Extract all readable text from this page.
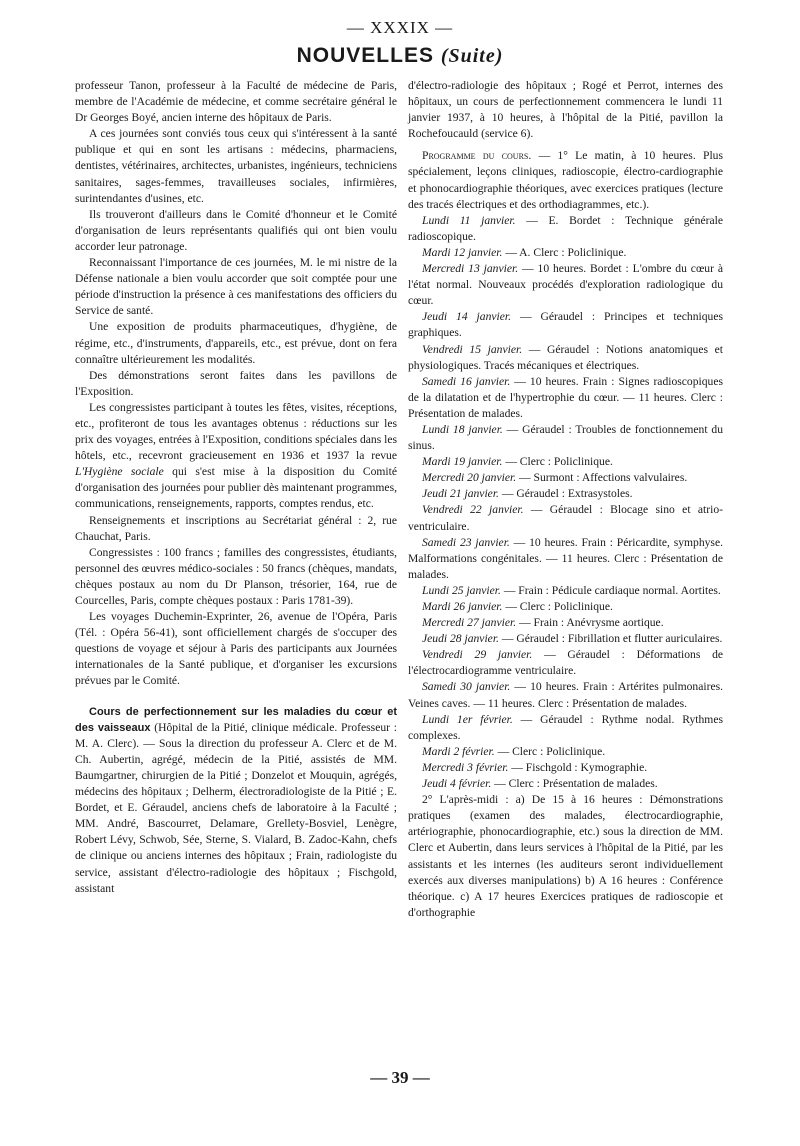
— XXXIX —
NOUVELLES (Suite)

professeur Tanon, professeur à la Faculté de médecine de Paris, membre de l'Académie de médecine, et comme secrétaire général le Dr Georges Boyé, ancien interne des hôpitaux de Paris.

A ces journées sont conviés tous ceux qui s'intéressent à la santé publique et qui en sont les artisans : médecins, pharmaciens, dentistes, vétérinaires, architectes, urbanistes, ingénieurs, techniciens sanitaires, sages-femmes, travailleuses sociales, infirmières, surintendantes d'usines, etc.

Ils trouveront d'ailleurs dans le Comité d'honneur et le Comité d'organisation de leurs représentants qualifiés qui ont bien voulu accorder leur patronage.

Reconnaissant l'importance de ces journées, M. le mi nistre de la Défense nationale a bien voulu accorder que soit comptée pour une période d'instruction la présence à ces manifestations des officiers du Service de santé.

Une exposition de produits pharmaceutiques, d'hygiène, de régime, etc., d'instruments, d'appareils, etc., est prévue, dont on fera connaître ultérieurement les modalités.

Des démonstrations seront faites dans les pavillons de l'Exposition.

Les congressistes participant à toutes les fêtes, visites, réceptions, etc., profiteront de tous les avantages obtenus : réductions sur les prix des voyages, entrées à l'Exposition, conditions spéciales dans les hôtels, etc., recevront gracieusement en 1936 et 1937 la revue L'Hygiène sociale qui s'est mise à la disposition du Comité d'organisation des journées pour publier dès maintenant programmes, communications, renseignements, rapports, comptes rendus, etc.

Renseignements et inscriptions au Secrétariat général : 2, rue Chauchat, Paris.

Congressistes : 100 francs ; familles des congressistes, étudiants, personnel des œuvres médico-sociales : 50 francs (chèques, mandats, chèques postaux au nom du Dr Planson, trésorier, 164, rue de Courcelles, Paris, compte chèques postaux : Paris 1781-39).

Les voyages Duchemin-Exprinter, 26, avenue de l'Opéra, Paris (Tél. : Opéra 56-41), sont officiellement chargés de s'occuper des questions de voyage et séjour à Paris des participants aux Journées internationales de la Santé publique, et d'organiser les excursions prévues par le Comité.

Cours de perfectionnement sur les maladies du cœur et des vaisseaux (Hôpital de la Pitié, clinique médicale. Professeur : M. A. Clerc). — Sous la direction du professeur A. Clerc et de M. Ch. Aubertin, agrégé, médecin de la Pitié, assistés de MM. Baumgartner, chirurgien de la Pitié ; Donzelot et Mouquin, agrégés, médecins des hôpitaux ; Delherm, électroradiologiste de la Pitié ; E. Bordet, et E. Géraudel, anciens chefs de laboratoire à la Faculté ; MM. André, Bascourret, Delamare, Grellety-Bosviel, Lenègre, Robert Lévy, Schwob, Sée, Sterne, S. Vialard, B. Zadoc-Kahn, chefs de clinique ou anciens internes des hôpitaux ; Frain, radiologiste du service, assistant d'électro-radiologie des hôpitaux ; Fischgold, assistant

d'électro-radiologie des hôpitaux ; Rogé et Perrot, internes des hôpitaux, un cours de perfectionnement commencera le lundi 11 janvier 1937, à 10 heures, à l'hôpital de la Pitié, pavillon la Rochefoucauld (service 6).

Programme du cours. — 1° Le matin, à 10 heures. Plus spécialement, leçons cliniques, radioscopie, électro-cardiographie et phonocardiographie théoriques, avec exercices pratiques (lecture des tracés électriques et des orthodiagrammes, etc.).

Lundi 11 janvier. — E. Bordet : Technique générale radioscopique.

Mardi 12 janvier. — A. Clerc : Policlinique.

Mercredi 13 janvier. — 10 heures. Bordet : L'ombre du cœur à l'état normal. Nouveaux procédés d'exploration radiologique du cœur.

Jeudi 14 janvier. — Géraudel : Principes et techniques graphiques.

Vendredi 15 janvier. — Géraudel : Notions anatomiques et physiologiques. Tracés mécaniques et électriques.

Samedi 16 janvier. — 10 heures. Frain : Signes radioscopiques de la dilatation et de l'hypertrophie du cœur. — 11 heures. Clerc : Présentation de malades.

Lundi 18 janvier. — Géraudel : Troubles de fonctionnement du sinus.

Mardi 19 janvier. — Clerc : Policlinique.

Mercredi 20 janvier. — Surmont : Affections valvulaires.

Jeudi 21 janvier. — Géraudel : Extrasystoles.

Vendredi 22 janvier. — Géraudel : Blocage sino et atrio-ventriculaire.

Samedi 23 janvier. — 10 heures. Frain : Péricardite, symphyse. Malformations congénitales. — 11 heures. Clerc : Présentation de malades.

Lundi 25 janvier. — Frain : Pédicule cardiaque normal. Aortites.

Mardi 26 janvier. — Clerc : Policlinique.

Mercredi 27 janvier. — Frain : Anévrysme aortique.

Jeudi 28 janvier. — Géraudel : Fibrillation et flutter auriculaires.

Vendredi 29 janvier. — Géraudel : Déformations de l'électrocardiogramme ventriculaire.

Samedi 30 janvier. — 10 heures. Frain : Artérites pulmonaires. Veines caves. — 11 heures. Clerc : Présentation de malades.

Lundi 1er février. — Géraudel : Rythme nodal. Rythmes complexes.

Mardi 2 février. — Clerc : Policlinique.

Mercredi 3 février. — Fischgold : Kymographie.

Jeudi 4 février. — Clerc : Présentation de malades.

2° L'après-midi : a) De 15 à 16 heures : Démonstrations pratiques (examen des malades, électrocardiographie, artériographie, phonocardiographie, etc.) sous la direction de MM. Clerc et Aubertin, dans leurs services à l'hôpital de la Pitié, par les assistants et les internes (les auditeurs seront individuellement exercés aux diverses manipulations) b) A 16 heures : Conférence théorique. c) A 17 heures Exercices pratiques de radioscopie et d'orthographie

— 39 —
